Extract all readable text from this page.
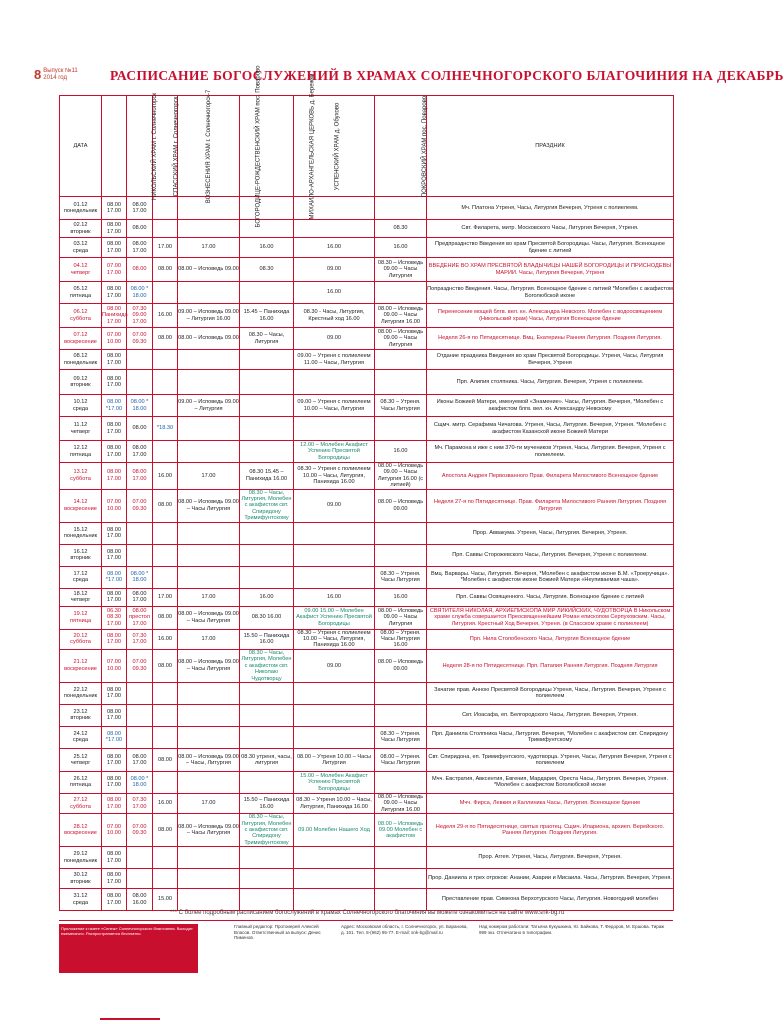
8 Выпуск №11
2014 год	РАСПИСАНИЕ БОГОСЛУЖЕНИЙ В ХРАМАХ СОЛНЕЧНОГОРСКОГО БЛАГОЧИНИЯ НА ДЕКАБРЬ
ДАТА	НИКОЛЬСКИЙ ХРАМ г. Солнечногорск	СПАССКИЙ ХРАМ г. Солнечногорск	ВОЗНЕСЕНИЯ ХРАМ г. Солнечногорск-7	БОГОРОДИЦЕ-РОЖДЕСТВЕНСКИЙ ХРАМ пос. Поварово	МИХАИЛО-АРХАНГЕЛЬСКАЯ ЦЕРКОВЬ д. Бережки	УСПЕНСКИЙ ХРАМ д. Обухово	ПОКРОВСКИЙ ХРАМ пос. Поварово	ПРАЗДНИК

01.12
понедельник	08.00 17.00	08.00 17.00						Мч. Платона Утреня, Часы, Литургия Вечерня, Утреня с полиелеем.

02.12
вторник	08.00 17.00	08.00					08.30	Свт. Филарета, митр. Московского Часы, Литургия Вечерня, Утреня.

03.12
среда	08.00 17.00	08.00 17.00	17.00	17.00	16.00	16.00	16.00	Предпразднство Введения во храм Пресвятой Богородицы. Часы, Литургия. Всенощное бдение с литией

04.12
четверг	07.00 17.00	08.00	08.00	08.00 – Исповедь 09.00	08.30	09.00	08.30 – Исповедь 09.00 – Часы Литургия	ВВЕДЕНИЕ ВО ХРАМ ПРЕСВЯТОЙ ВЛАДЫЧИЦЫ НАШЕЙ БОГОРОДИЦЫ И ПРИСНОДЕВЫ МАРИИ. Часы, Литургия Вечерня, Утреня

05.12
пятница	08.00 17.00	08.00 * 18.00				16.00		Попразднство Введения. Часы, Литургия. Всенощное бдение с литией *Молебен с акафистом Боголюбской иконе

06.12
суббота	08.00 Панихида 17.00	07.30 09.00 17.00	16.00	09.00 – Исповедь 09.00 – Литургия 16.00	15.45 – Панихида 16.00	08.30 - Часы, Литургия, Крестный ход 16.00	08.00 – Исповедь 09.00 – Часы Литургия 16.00	Перенесение мощей блгв. вел. кн. Александра Невского. Молебен с водоосвящением (Никольский храм) Часы, Литургия Всенощное бдение

07.12
воскресение	07.00 10.00	07.00 09.30	08.00	08.00 – Исповедь 09.00	08.30 – Часы, Литургия	09.00	08.00 – Исповедь 09.00 – Часы Литургия	Неделя 26-я по Пятидесятнице. Вмц. Екатерины Ранняя Литургия. Поздняя Литургия.

08.12
понедельник	08.00 17.00					09.00 – Утреня с полиелеем 11.00 – Часы, Литургия		Отдание праздника Введения во храм Пресвятой Богородицы. Утреня, Часы, Литургия Вечерня, Утреня

09.12
вторник	08.00 17.00							Прп. Алипия столпника. Часы, Литургия. Вечерня, Утреня с полиелеем.

10.12
среда	08.00 *17.00	08.00 * 18.00		09.00 – Исповедь 09.00 – Литургия		09.00 – Утреня с полиелеем 10.00 – Часы, Литургия	08.30 – Утреня. Часы Литургия	Иконы Божией Матери, именуемой «Знамение». Часы, Литургия. Вечерня, *Молебен с акафистом блгв. вел. кн. Александру Невскому

11.12
четверг	08.00 17.00	08.00	*18.30					Сщмч. митр. Серафима Чичагова. Утреня, Часы, Литургия. Вечерня, Утреня. *Молебен с акафистом Казанской иконе Божией Матери

12.12
пятница	08.00 17.00	08.00 17.00				12.00 – Молебен Акафист Успению Пресвятой Богородицы	16.00	Мч. Парамона и иже с ним 370-ти мучеников Утреня, Часы, Литургия. Вечерня, Утреня с полиелеем.

13.12
суббота	08.00 17.00	08.00 17.00	16.00	17.00	08.30 15.45 – Панихида 16.00	08.30 – Утреня с полиелеем 10.00 – Часы, Литургия, Панихида 16.00	08.00 – Исповедь 09.00 – Часы Литургия 16.00 (с литией)	Апостола Андрея Первозванного Прав. Филарета Милостивого Всенощное бдение

14.12
воскресение	07.00 10.00	07.00 09.30	08.00	08.00 – Исповедь 09.00 – Часы Литургия	08.30 – Часы, Литургия, Молебен с акафистом свт. Спиридону Тримифунтскому	09.00	08.00 – Исповедь 09.00	Неделя 27-я по Пятидесятнице. Прав. Филарета Милостивого Ранняя Литургия. Поздняя Литургия

15.12
понедельник	08.00 17.00							Прор. Аввакума. Утреня, Часы, Литургия. Вечерня, Утреня.

16.12
вторник	08.00 17.00							Прп. Саввы Сторожевского Часы, Литургия. Вечерня, Утреня с полиелеем.

17.12
среда	08.00 *17.00	08.00 * 18.00					08.30 – Утреня. Часы Литургия	Вмц. Варвары. Часы, Литургия. Вечерня, *Молебен с акафистом иконе Б.М. «Троеручица». *Молебен с акафистом иконе Божией Матери «Неупиваемая чаша».

18.12
четверг	08.00 17.00	08.00 17.00	17.00	17.00	16.00	16.00	16.00	Прп. Саввы Освященного. Часы, Литургия. Всенощное бдение с литией

19.12
пятница	06.30 08.30 17.00	08.00 престол 17.00	08.00	08.00 – Исповедь 09.00 – Часы Литургия	08.30 16.00	09.00 15.00 – Молебен Акафист Успению Пресвятой Богородицы	08.00 – Исповедь 09.00 – Часы Литургия	СВЯТИТЕЛЯ НИКОЛАЯ, АРХИЕПИСКОПА МИР ЛИКИЙСКИХ, ЧУДОТВОРЦА В Никольском храме служба совершается Преосвященнейшим Роман епископом Серпуховским. Часы, Литургия. Крестный Ход Вечерня, Утреня. (в Спасском храме с полиелеем)

20.12
суббота	08.00 17.00	07.30 17.00	16.00	17.00	15.50 – Панихида 16.00	08.30 – Утреня с полиелеем 10.00 – Часы, Литургия, Панихида 16.00	08.00 – Утреня. Часы Литургия 16.00	Прп. Нила Столобенского Часы, Литургия Всенощное бдение

21.12
воскресение	07.00 10.00	07.00 09.30	08.00	08.00 – Исповедь 09.00 – Часы Литургия	08.30 – Часы, Литургия, Молебен с акафистом свт. Николаю Чудотворцу	09.00	08.00 – Исповедь 09.00	Неделя 28-я по Пятидесятнице. Прп. Патапия Ранняя Литургия. Поздняя Литургия

22.12
понедельник	08.00 17.00							Зачатие прав. Анною Пресвятой Богородицы Утреня, Часы, Литургия. Вечерня, Утреня с полиелеем

23.12
вторник	08.00 17.00							Свт. Иоасафа, еп. Белгородского Часы, Литургия. Вечерня, Утреня.

24.12
среда	08.00 *17.00						08.30 – Утреня. Часы Литургия	Прп. Даниила Столпника Часы, Литургия. Вечерня, *Молебен с акафистом свт. Спиридону Тримифунтскому

25.12
четверг	08.00 17.00	08.00 17.00	08.00	08.00 – Исповедь 09.00 – Часы, Литургия	08.30 утреня, часы, литургия	08.00 – Утреня 10.00 – Часы Литургия	08.00 – Утреня. Часы Литургия	Свт. Спиридона, еп. Тримифунтского, чудотворца. Утреня, Часы, Литургия Вечерня, Утреня с полиелеем

26.12
пятница	08.00 17.00	08.00 * 18.00				15.00 – Молебен Акафист Успению Пресвятой Богородицы		Мчч. Евстратия, Авксентия, Евгения, Мардария, Ореста Часы, Литургия. Вечерня, Утреня. *Молебен с акафистом Боголюбской иконе

27.12
суббота	08.00 17.00	07.30 17.00	16.00	17.00	15.50 – Панихида 16.00	08.30 – Утреня 10.00 – Часы, Литургия, Панихида 16.00	08.00 – Исповедь 09.00 – Часы Литургия 16.00	Мчч. Фирса, Левкия и Каллиника Часы, Литургия. Всенощное бдение

28.12
воскресение	07.00 10.00	07.00 09.30	08.00	08.00 – Исповедь 09.00 – Часы Литургия	08.30 – Часы, Литургия, Молебен с акафистом свт. Спиридону Тримифунтскому	09.00 Молебен Нашего Ход	08.00 – Исповедь 09.00 Молебен с акафистом	Неделя 29-я по Пятидесятнице, святых праотец. Сщмч. Илариона, архиеп. Верейского. Ранняя Литургия. Поздняя Литургия.

29.12
понедельник	08.00 17.00							Прор. Аггея. Утреня, Часы, Литургия. Вечерня, Утреня.

30.12
вторник	08.00 17.00							Прор. Даниила и трех отроков: Анании, Азарии и Мисаила. Часы, Литургия. Вечерня, Утреня.

31.12
среда	08.00 17.00	08.00 16.00	15.00					Преставление прав. Симеона Верхотурского Часы, Литургия. Новогодний молебен
*** С более подробным расписанием богослужений в храмах Солнечногорского благочиния вы можете ознакомиться на сайте www.snk-bg.ru
Приложение к газете «Сенеж» Солнечногорского благочиния. Выходит ежемесячно. Распространяется бесплатно.
Главный редактор: Протоиерей Алексей Власов. Ответственный за выпуск: Денис Пименов.
Адрес: Московская область, г. Солнечногорск, ул. Баранова, д. 101. Тел. 8-(962) 95-77. E-mail: snk-bg@mail.ru
Над номером работали: Татьяна Кукушкина, Ю. Байкова, Т. Федоров, М. Ершова. Тираж 999 экз. Отпечатано в типографии.
